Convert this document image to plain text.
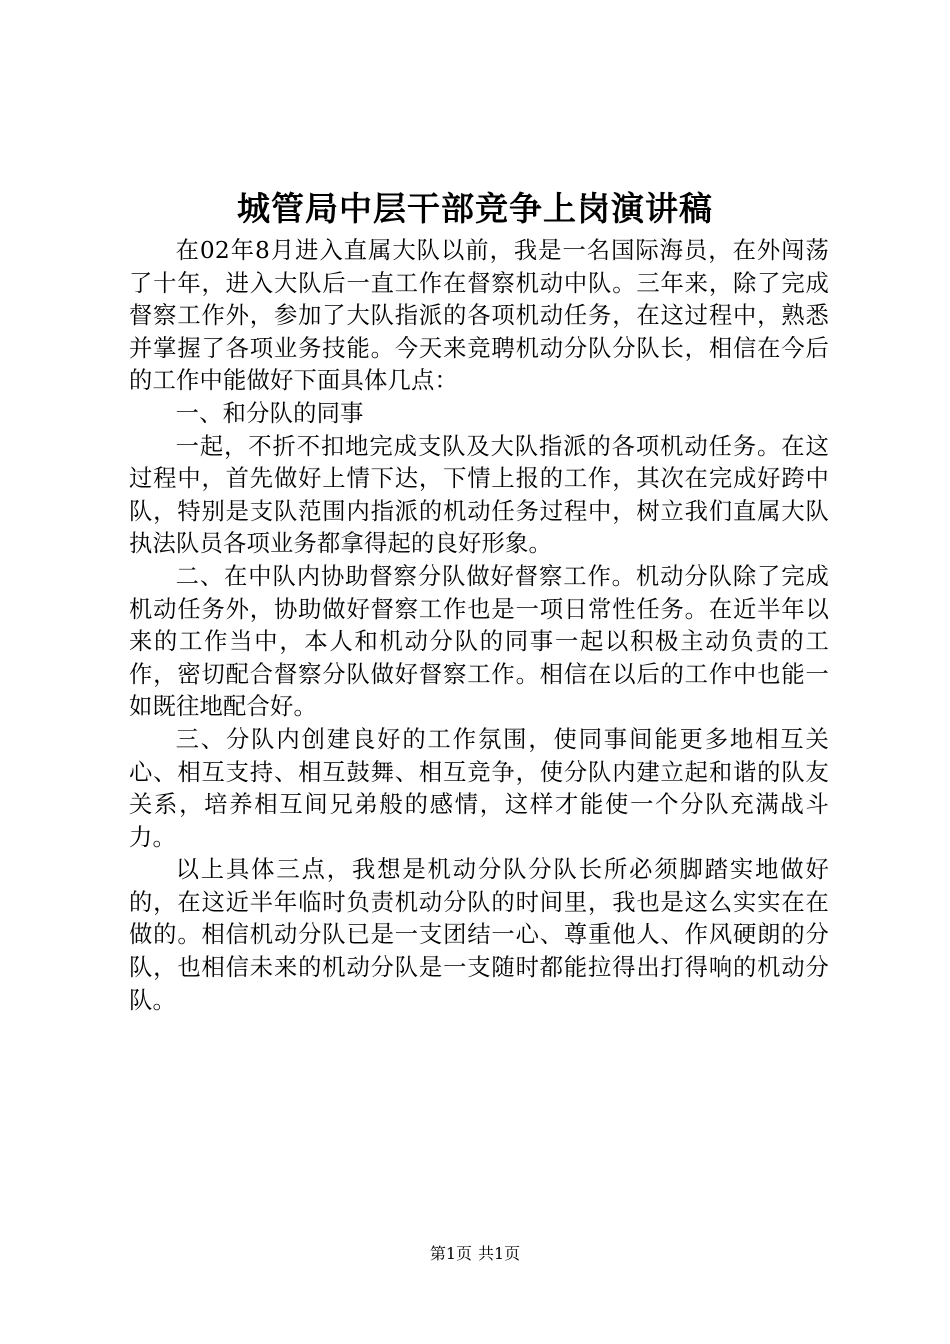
城管局中层干部竞争上岗演讲稿

在02年8月进入直属大队以前，我是一名国际海员，在外闯荡了十年，进入大队后一直工作在督察机动中队。三年来，除了完成督察工作外，参加了大队指派的各项机动任务，在这过程中，熟悉并掌握了各项业务技能。今天来竞聘机动分队分队长，相信在今后的工作中能做好下面具体几点：

一、和分队的同事

一起，不折不扣地完成支队及大队指派的各项机动任务。在这过程中，首先做好上情下达，下情上报的工作，其次在完成好跨中队，特别是支队范围内指派的机动任务过程中，树立我们直属大队执法队员各项业务都拿得起的良好形象。

二、在中队内协助督察分队做好督察工作。机动分队除了完成机动任务外，协助做好督察工作也是一项日常性任务。在近半年以来的工作当中，本人和机动分队的同事一起以积极主动负责的工作，密切配合督察分队做好督察工作。相信在以后的工作中也能一如既往地配合好。

三、分队内创建良好的工作氛围，使同事间能更多地相互关心、相互支持、相互鼓舞、相互竞争，使分队内建立起和谐的队友关系，培养相互间兄弟般的感情，这样才能使一个分队充满战斗力。

以上具体三点，我想是机动分队分队长所必须脚踏实地做好的，在这近半年临时负责机动分队的时间里，我也是这么实实在在做的。相信机动分队已是一支团结一心、尊重他人、作风硬朗的分队，也相信未来的机动分队是一支随时都能拉得出打得响的机动分队。

第1页 共1页
